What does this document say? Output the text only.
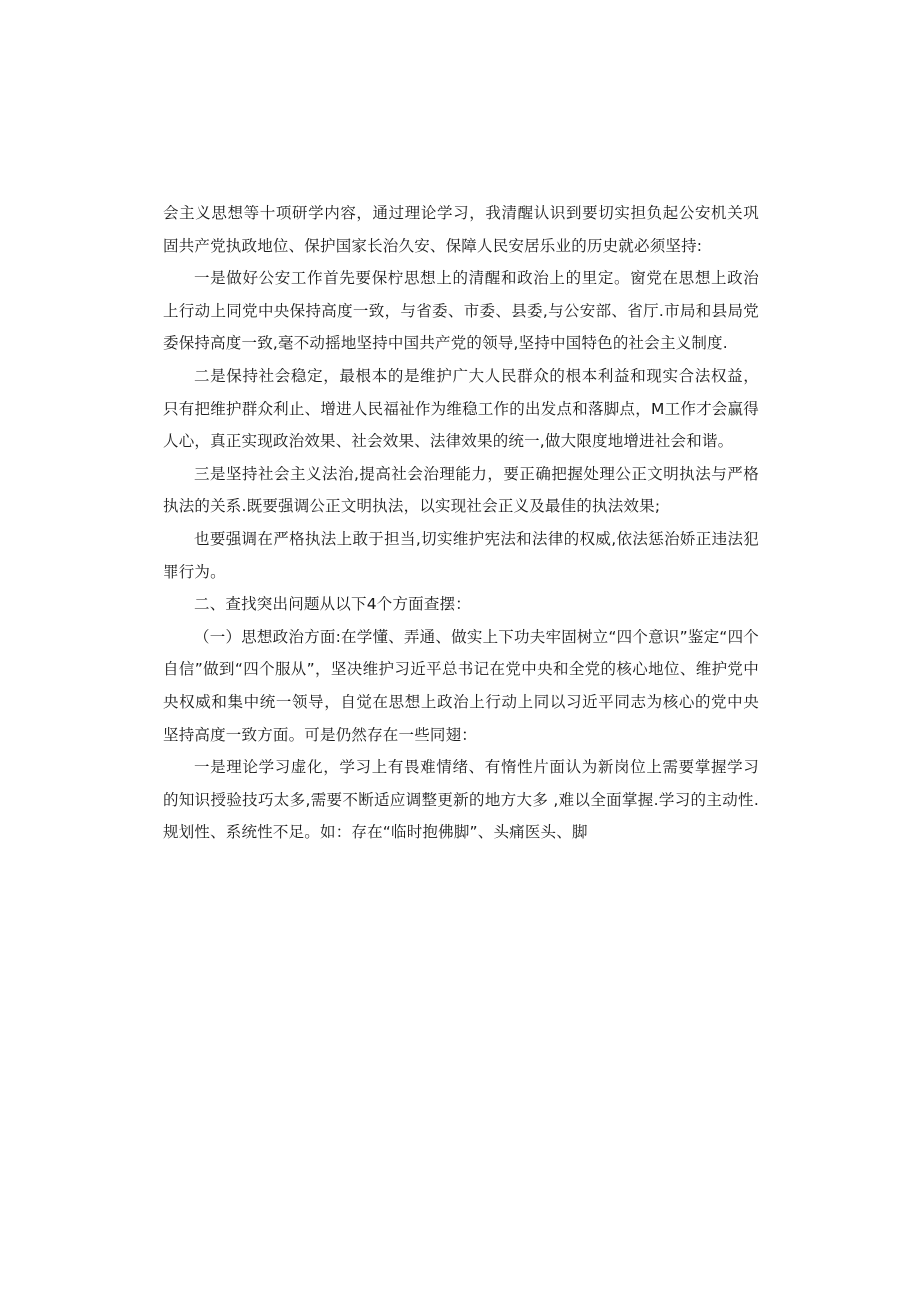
会主义思想等十项研学内容，通过理论学习，我清醒认识到要切实担负起公安机关巩固共产党执政地位、保护国家长治久安、保障人民安居乐业的历史就必须坚持:

一是做好公安工作首先要保柠思想上的清醒和政治上的里定。窗党在思想上政治上行动上同党中央保持高度一致，与省委、市委、县委,与公安部、省厅.市局和县局党委保持高度一致,毫不动摇地坚持中国共产党的领导,坚持中国特色的社会主义制度.

二是保持社会稳定，最根本的是维护广大人民群众的根本利益和现实合法权益，只有把维护群众利止、增进人民福祉作为维稳工作的出发点和落脚点，M工作才会赢得人心，真正实现政治效果、社会效果、法律效果的统一,做大限度地增进社会和谐。

三是坚持社会主义法治,提高社会治理能力，要正确把握处理公正文明执法与严格执法的关系.既要强调公正文明执法，以实现社会正义及最佳的执法效果;

也要强调在严格执法上敢于担当,切实维护宪法和法律的权威,依法惩治娇正违法犯罪行为。

二、查找突出问题从以下4个方面查摆：

（一）思想政治方面:在学懂、弄通、做实上下功夫牢固树立“四个意识”鉴定“四个自信”做到“四个服从”，坚决维护习近平总书记在党中央和全党的核心地位、维护党中央权威和集中统一领导，自觉在思想上政治上行动上同以习近平同志为核心的党中央坚持高度一致方面。可是仍然存在一些同翅：

一是理论学习虚化，学习上有畏难情绪、有惰性片面认为新岗位上需要掌握学习的知识授验技巧太多,需要不断适应调整更新的地方大多 ,难以全面掌握.学习的主动性.规划性、系统性不足。如：存在“临时抱佛脚”、头痛医头、脚
